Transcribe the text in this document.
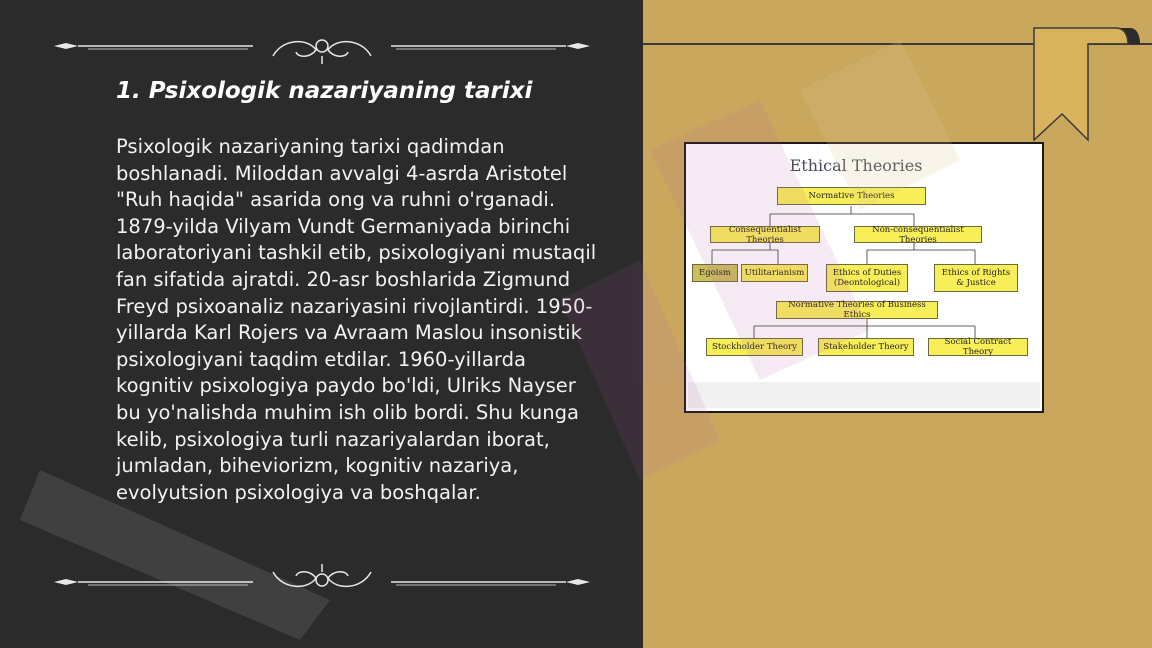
1. Psixologik nazariyaning tarixi
Psixologik nazariyaning tarixi qadimdan boshlanadi. Miloddan avvalgi 4-asrda Aristotel "Ruh haqida" asarida ong va ruhni o'rganadi. 1879-yilda Vilyam Vundt Germaniyada birinchi laboratoriyani tashkil etib, psixologiyani mustaqil fan sifatida ajratdi. 20-asr boshlarida Zigmund Freyd psixoanaliz nazariyasini rivojlantirdi. 1950-yillarda Karl Rojers va Avraam Maslou insonistik psixologiyani taqdim etdilar. 1960-yillarda kognitiv psixologiya paydo bo'ldi, Ulriks Nayser bu yo'nalishda muhim ish olib bordi. Shu kunga kelib, psixologiya turli nazariyalardan iborat, jumladan, biheviorizm, kognitiv nazariya, evolyutsion psixologiya va boshqalar.
Ethical Theories
Normative Theories
Consequentialist Theories
Non-consequentialist Theories
Egoism	Utilitarianism	Ethics of Duties
(Deontological)
Ethics of Rights
& Justice
Normative Theories of Business Ethics
Stockholder Theory	Stakeholder Theory	Social Contract Theory
